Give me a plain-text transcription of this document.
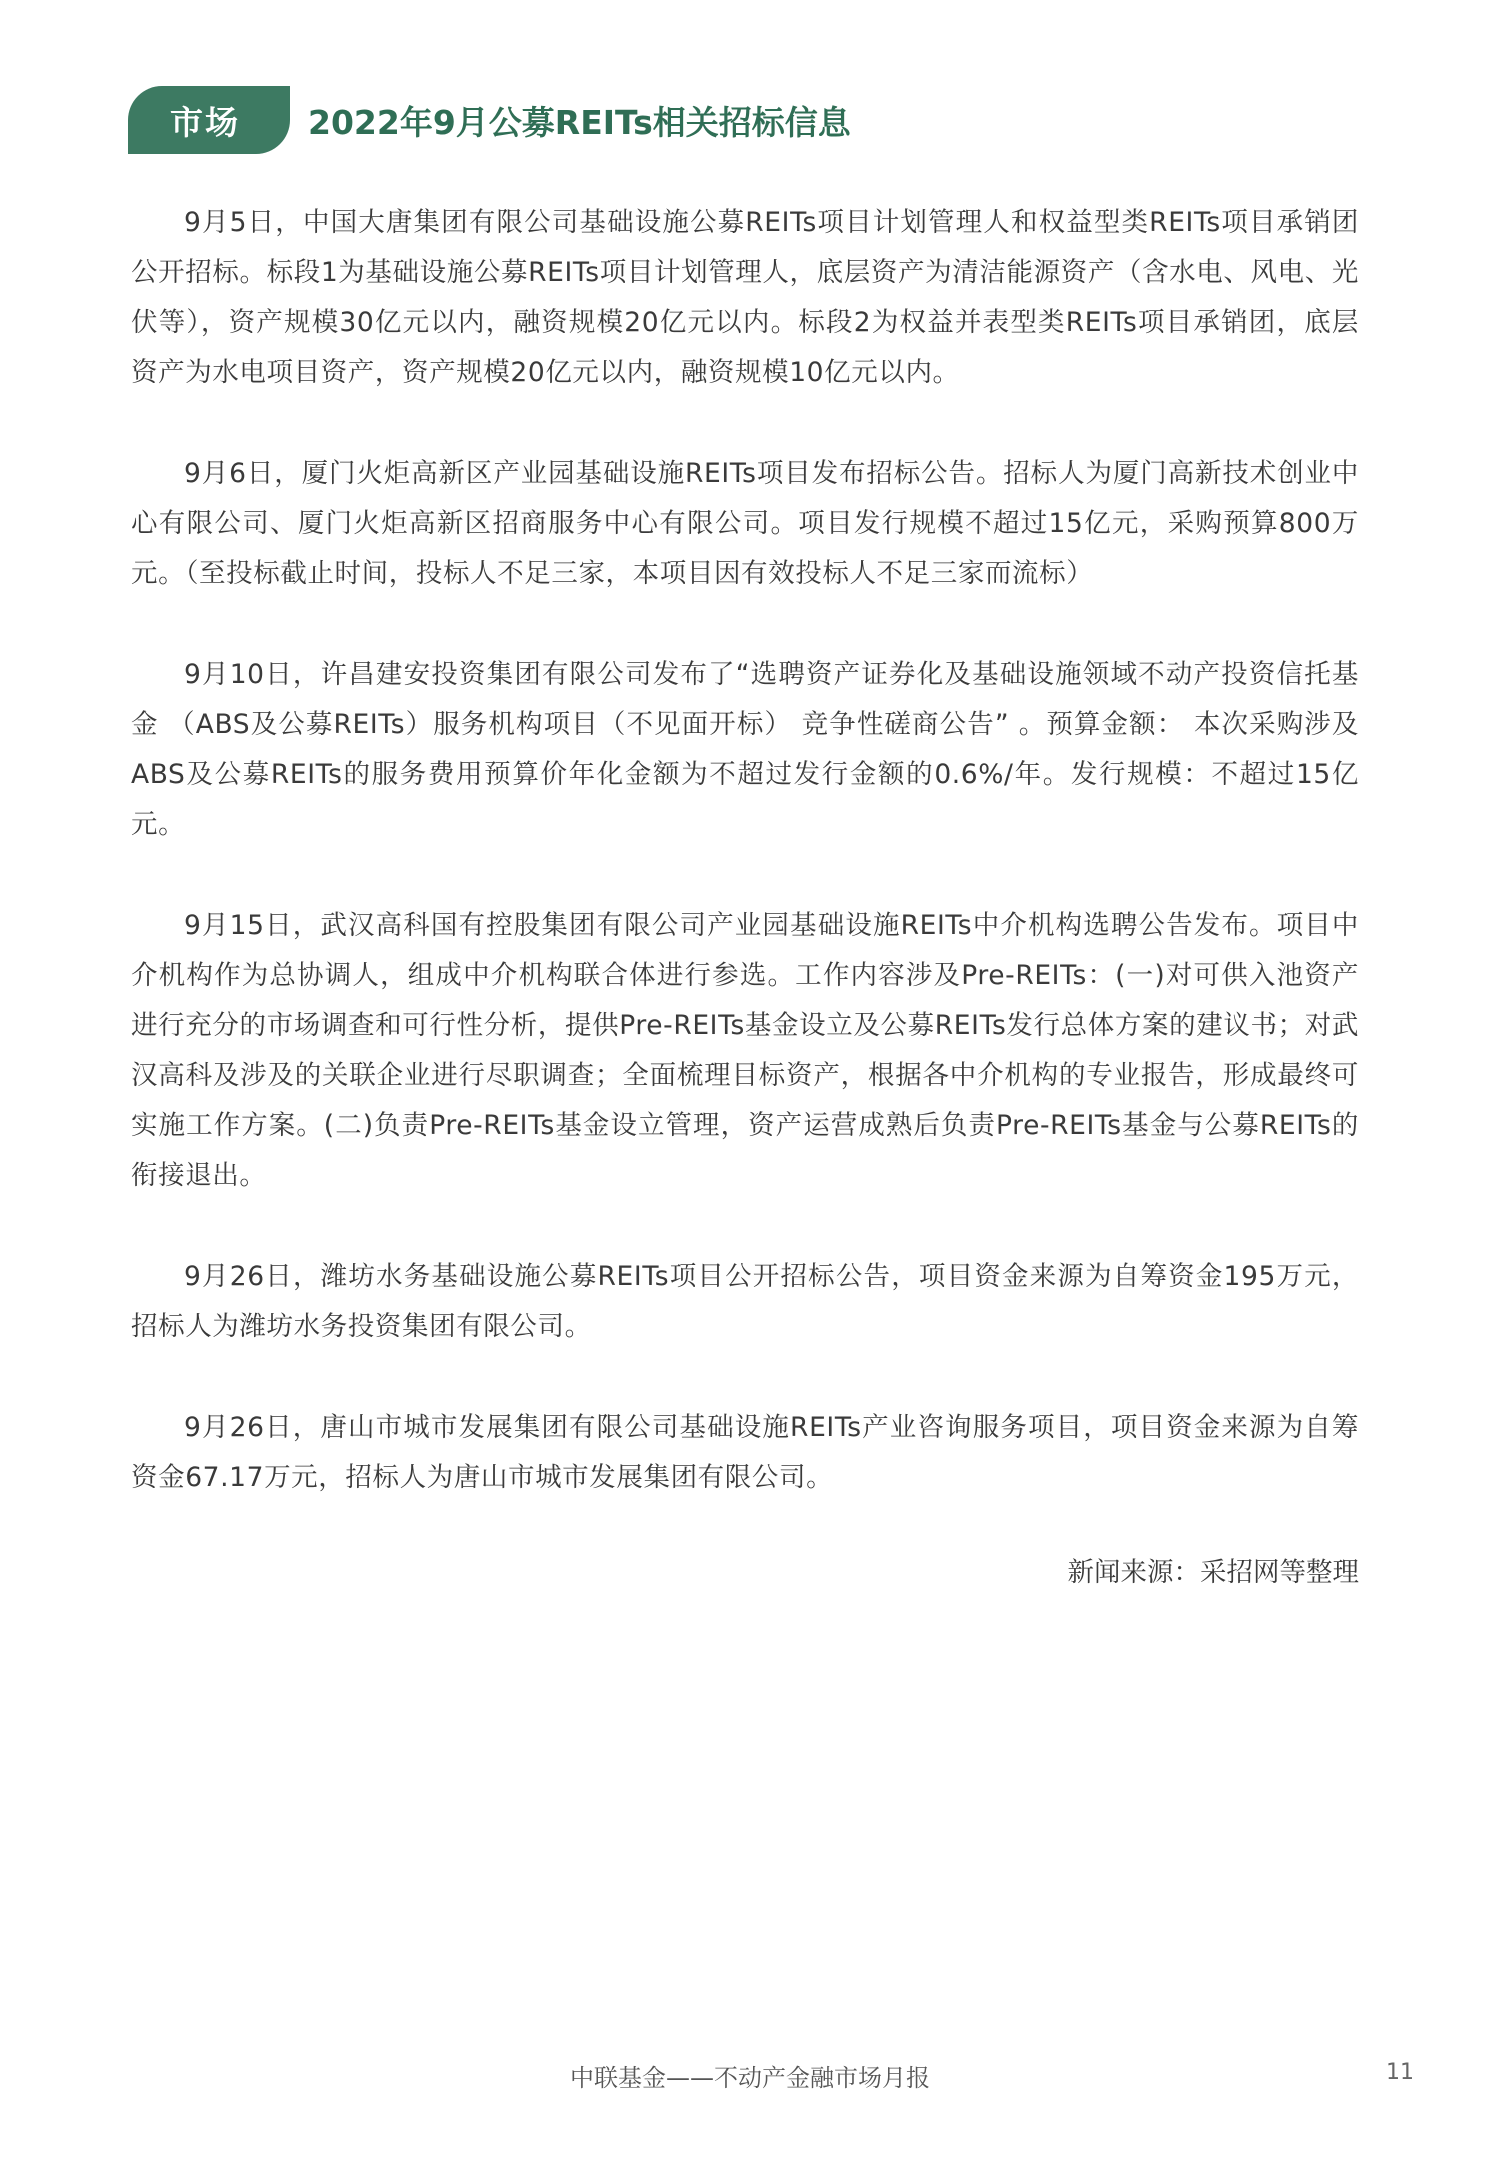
市场	2022年9月公募REITs相关招标信息

9月5日，中国大唐集团有限公司基础设施公募REITs项目计划管理人和权益型类REITs项目承销团公开招标。标段1为基础设施公募REITs项目计划管理人，底层资产为清洁能源资产（含水电、风电、光伏等），资产规模30亿元以内，融资规模20亿元以内。标段2为权益并表型类REITs项目承销团，底层资产为水电项目资产，资产规模20亿元以内，融资规模10亿元以内。

9月6日，厦门火炬高新区产业园基础设施REITs项目发布招标公告。招标人为厦门高新技术创业中心有限公司、厦门火炬高新区招商服务中心有限公司。项目发行规模不超过15亿元，采购预算800万元。（至投标截止时间，投标人不足三家，本项目因有效投标人不足三家而流标）

9月10日，许昌建安投资集团有限公司发布了“选聘资产证券化及基础设施领域不动产投资信托基金 （ABS及公募REITs）服务机构项目（不见面开标） 竞争性磋商公告” 。预算金额： 本次采购涉及ABS及公募REITs的服务费用预算价年化金额为不超过发行金额的0.6%/年。发行规模：不超过15亿元。

9月15日，武汉高科国有控股集团有限公司产业园基础设施REITs中介机构选聘公告发布。项目中介机构作为总协调人，组成中介机构联合体进行参选。工作内容涉及Pre-REITs：(一)对可供入池资产进行充分的市场调查和可行性分析，提供Pre-REITs基金设立及公募REITs发行总体方案的建议书；对武汉高科及涉及的关联企业进行尽职调查；全面梳理目标资产，根据各中介机构的专业报告，形成最终可实施工作方案。(二)负责Pre-REITs基金设立管理，资产运营成熟后负责Pre-REITs基金与公募REITs的衔接退出。

9月26日，潍坊水务基础设施公募REITs项目公开招标公告，项目资金来源为自筹资金195万元，招标人为潍坊水务投资集团有限公司。

9月26日，唐山市城市发展集团有限公司基础设施REITs产业咨询服务项目，项目资金来源为自筹资金67.17万元，招标人为唐山市城市发展集团有限公司。

新闻来源：采招网等整理
中联基金——不动产金融市场月报	11
